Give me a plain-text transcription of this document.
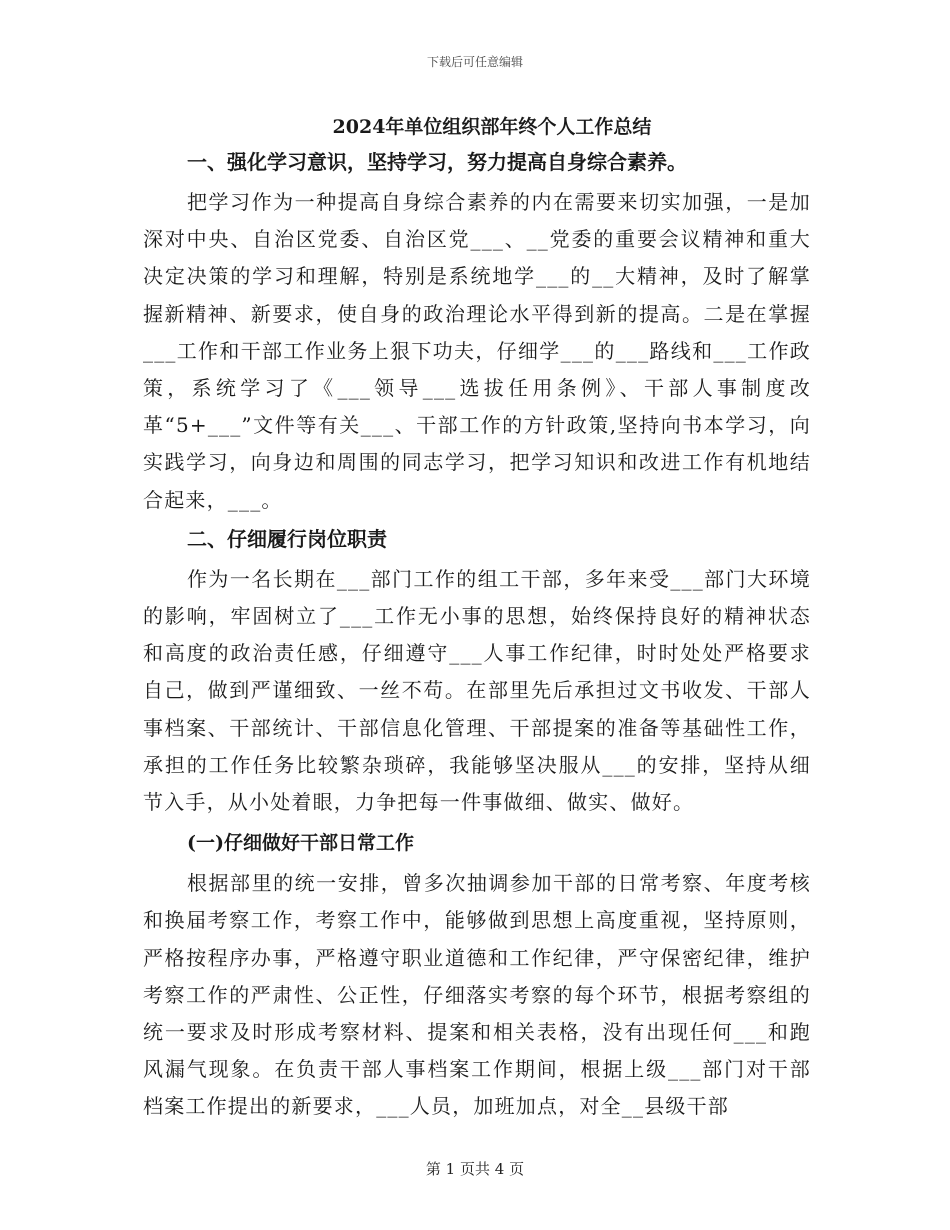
下载后可任意编辑
2024年单位组织部年终个人工作总结
一、强化学习意识，坚持学习，努力提高自身综合素养。

把学习作为一种提高自身综合素养的内在需要来切实加强，一是加深对中央、自治区党委、自治区党___、__党委的重要会议精神和重大决定决策的学习和理解，特别是系统地学___的__大精神，及时了解掌握新精神、新要求，使自身的政治理论水平得到新的提高。二是在掌握___工作和干部工作业务上狠下功夫，仔细学___的___路线和___工作政策，系统学习了《___领导___选拔任用条例》、干部人事制度改革“5+___”文件等有关___、干部工作的方针政策,坚持向书本学习，向实践学习，向身边和周围的同志学习，把学习知识和改进工作有机地结合起来，___。

二、仔细履行岗位职责

作为一名长期在___部门工作的组工干部，多年来受___部门大环境的影响，牢固树立了___工作无小事的思想，始终保持良好的精神状态和高度的政治责任感，仔细遵守___人事工作纪律，时时处处严格要求自己，做到严谨细致、一丝不苟。在部里先后承担过文书收发、干部人事档案、干部统计、干部信息化管理、干部提案的准备等基础性工作，承担的工作任务比较繁杂琐碎，我能够坚决服从___的安排，坚持从细节入手，从小处着眼，力争把每一件事做细、做实、做好。

(一)仔细做好干部日常工作

根据部里的统一安排，曾多次抽调参加干部的日常考察、年度考核和换届考察工作，考察工作中，能够做到思想上高度重视，坚持原则，严格按程序办事，严格遵守职业道德和工作纪律，严守保密纪律，维护考察工作的严肃性、公正性，仔细落实考察的每个环节，根据考察组的统一要求及时形成考察材料、提案和相关表格，没有出现任何___和跑风漏气现象。在负责干部人事档案工作期间，根据上级___部门对干部档案工作提出的新要求，___人员，加班加点，对全__县级干部

第 1 页共 4 页
